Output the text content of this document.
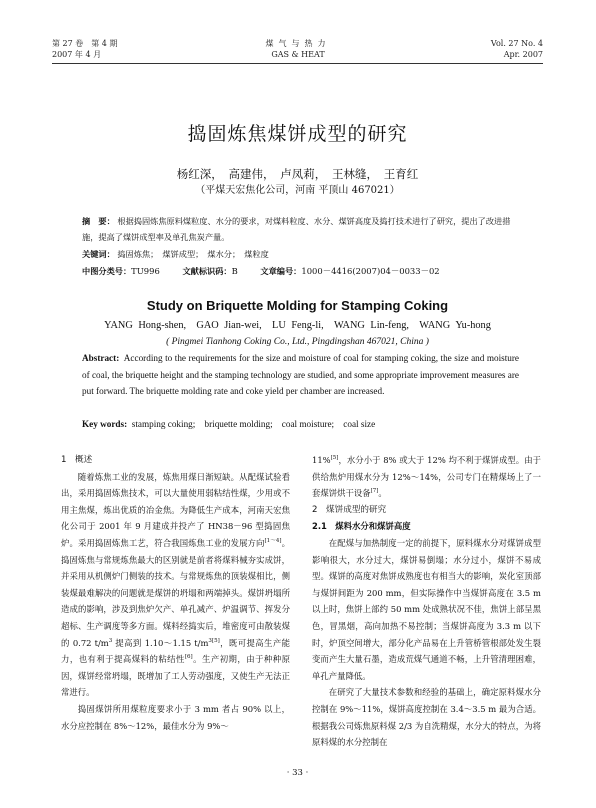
第 27 卷　第 4 期
2007 年 4 月
煤气与热力
GAS & HEAT
Vol. 27 No. 4
Apr. 2007
捣固炼焦煤饼成型的研究
杨红深，　高建伟，　卢凤莉，　王林缝，　王育红
（平煤天宏焦化公司，河南 平顶山 467021）
摘　要： 根据捣固炼焦原料煤粒度、水分的要求，对煤料粒度、水分、煤饼高度及捣打技术进行了研究，提出了改进措施，提高了煤饼成型率及单孔焦炭产量。
关键词： 捣固炼焦；　煤饼成型；　煤水分；　煤粒度
中图分类号：TU996	文献标识码：B	文章编号：1000－4416(2007)04－0033－02
Study on Briquette Molding for Stamping Coking
YANG Hong-shen,　GAO Jian-wei,　LU Feng-li,　WANG Lin-feng,　WANG Yu-hong
( Pingmei Tianhong Coking Co., Ltd., Pingdingshan 467021, China )
Abstract: According to the requirements for the size and moisture of coal for stamping coking, the size and moisture of coal, the briquette height and the stamping technology are studied, and some appropriate improvement measures are put forward. The briquette molding rate and coke yield per chamber are increased.
Key words: stamping coking;　briquette molding;　coal moisture;　coal size
1　概述

随着炼焦工业的发展，炼焦用煤日渐短缺。从配煤试验看出，采用捣固炼焦技术，可以大量使用弱粘结性煤，少用或不用主焦煤，炼出优质的冶金焦。为降低生产成本，河南天宏焦化公司于 2001 年 9 月建成并投产了 HN38－96 型捣固焦炉。采用捣固炼焦工艺，符合我国炼焦工业的发展方向[1～4]。捣固炼焦与常规炼焦最大的区别就是前者将煤料械夯实成饼，并采用从机侧炉门侧装的技术。与常规炼焦的顶装煤相比，侧装煤最难解决的问题就是煤饼的坍塌和两端掉头。煤饼坍塌所造成的影响，涉及到焦炉欠产、单孔减产、炉温调节、挥发分超标、生产调度等多方面。煤料经捣实后，堆密度可由散装煤的 0.72 $t/m^3$ 提高到 1.10～1.15 $t/m^{3[5]}$，既可提高生产能力，也有利于提高煤料的粘结性[6]。生产初期，由于种种原因，煤饼经常坍塌，既增加了工人劳动强度，又使生产无法正常进行。

捣固煤饼所用煤粒度要求小于 3 mm 者占 90% 以上，水分应控制在 8%～12%，最佳水分为 9%～

11%[5]，水分小于 8% 或大于 12% 均不利于煤饼成型。由于供给焦炉用煤水分为 12%～14%，公司专门在精煤场上了一套煤饼烘干设备[7]。

2　煤饼成型的研究
2.1　煤料水分和煤饼高度

在配煤与加热制度一定的前提下，原料煤水分对煤饼成型影响很大，水分过大，煤饼易倒塌；水分过小，煤饼不易成型。煤饼的高度对焦饼成熟度也有相当大的影响，炭化室顶部与煤饼间距为 200 mm，但实际操作中当煤饼高度在 3.5 m 以上时，焦饼上部约 50 mm 处成熟状况不佳，焦饼上部呈黑色，冒黑烟，高向加热不易控制；当煤饼高度为 3.3 m 以下时，炉顶空间增大，部分化产品易在上升管桥管根部处发生裂变而产生大量石墨，造成荒煤气通道不畅，上升管清理困难，单孔产量降低。

在研究了大量技术参数和经验的基础上，确定原料煤水分控制在 9%～11%，煤饼高度控制在 3.4～3.5 m 最为合适。根据我公司炼焦原料煤 2/3 为自洗精煤，水分大的特点，为将原料煤的水分控制在

· 33 ·
